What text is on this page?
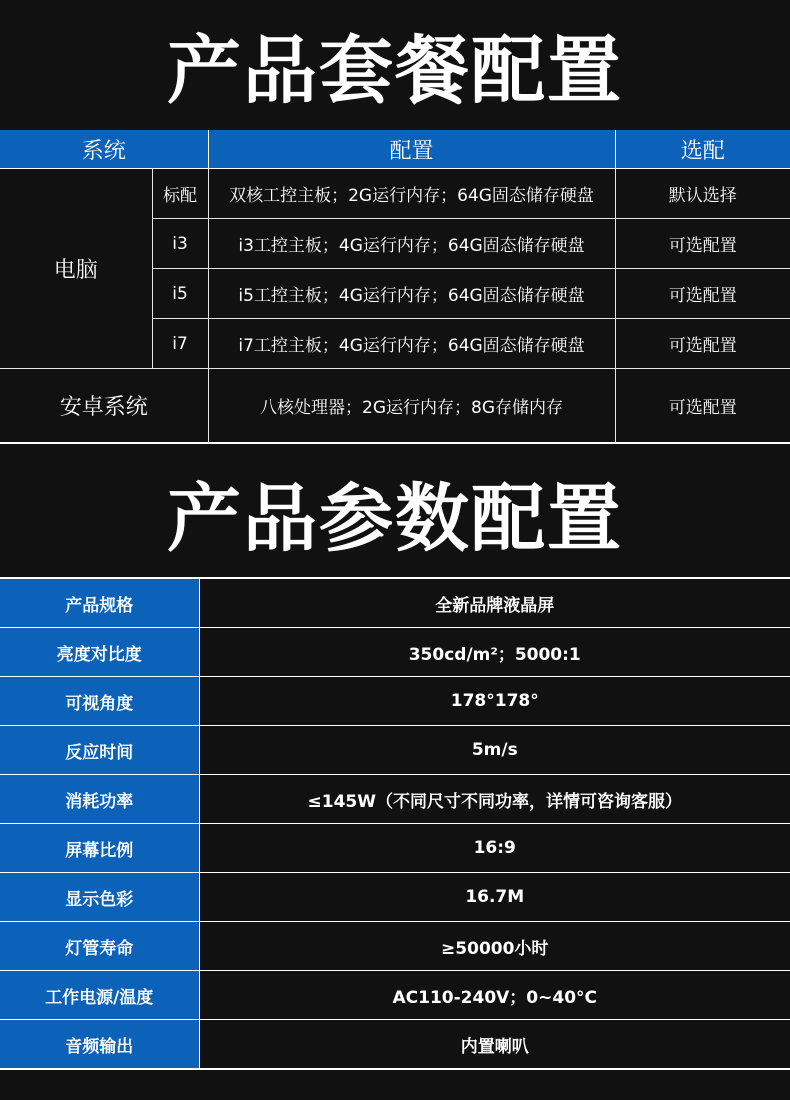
产品套餐配置
系统		配置	选配
电脑	标配	双核工控主板；2G运行内存；64G固态储存硬盘	默认选择
	i3	i3工控主板；4G运行内存；64G固态储存硬盘	可选配置
	i5	i5工控主板；4G运行内存；64G固态储存硬盘	可选配置
	i7	i7工控主板；4G运行内存；64G固态储存硬盘	可选配置
安卓系统		八核处理器；2G运行内存；8G存储内存	可选配置
产品参数配置
产品规格	全新品牌液晶屏
亮度对比度	350cd/m²；5000:1
可视角度	178°178°
反应时间	5m/s
消耗功率	≤145W（不同尺寸不同功率，详情可咨询客服）
屏幕比例	16:9
显示色彩	16.7M
灯管寿命	≥50000小时
工作电源/温度	AC110-240V；0~40°C
音频输出	内置喇叭
